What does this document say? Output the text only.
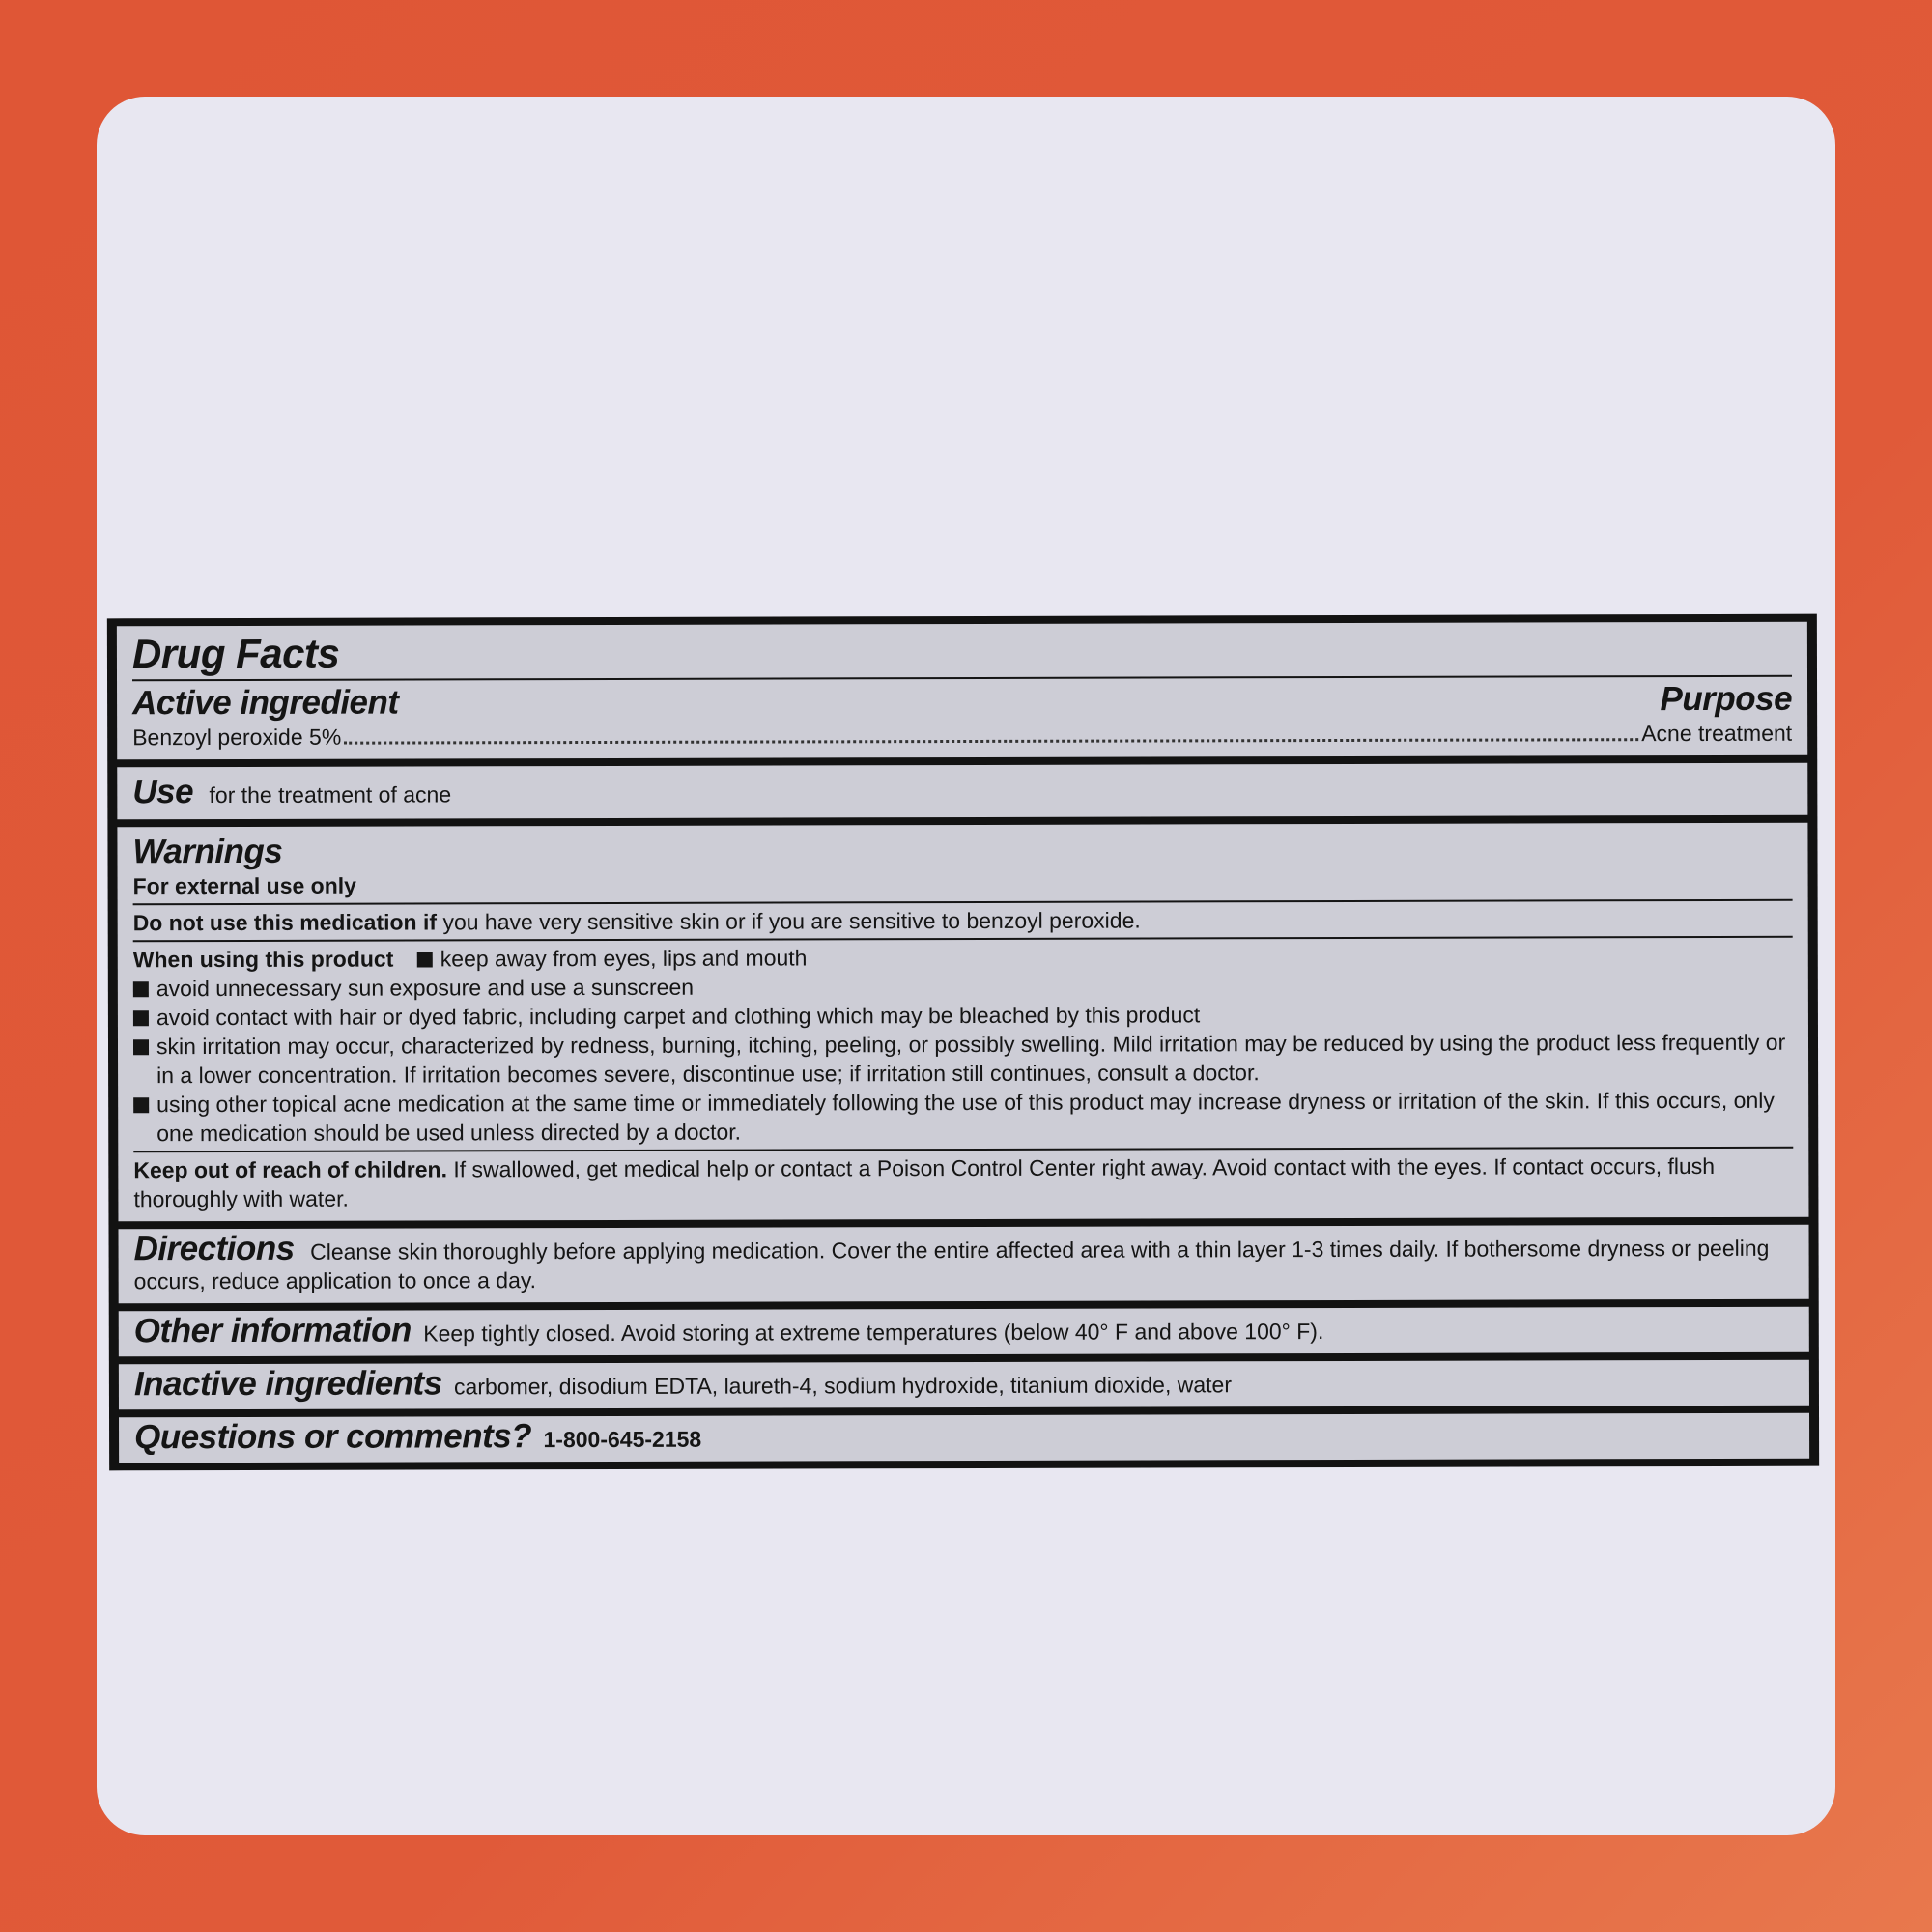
Drug Facts
Active ingredient	Purpose
Benzoyl peroxide 5%	Acne treatment
Use for the treatment of acne
Warnings
For external use only
Do not use this medication if you have very sensitive skin or if you are sensitive to benzoyl peroxide.
When using this product keep away from eyes, lips and mouth
avoid unnecessary sun exposure and use a sunscreen
avoid contact with hair or dyed fabric, including carpet and clothing which may be bleached by this product
skin irritation may occur, characterized by redness, burning, itching, peeling, or possibly swelling. Mild irritation may be reduced by using the product less frequently or in a lower concentration. If irritation becomes severe, discontinue use; if irritation still continues, consult a doctor.
using other topical acne medication at the same time or immediately following the use of this product may increase dryness or irritation of the skin. If this occurs, only one medication should be used unless directed by a doctor.
Keep out of reach of children. If swallowed, get medical help or contact a Poison Control Center right away. Avoid contact with the eyes. If contact occurs, flush thoroughly with water.
Directions Cleanse skin thoroughly before applying medication. Cover the entire affected area with a thin layer 1-3 times daily. If bothersome dryness or peeling occurs, reduce application to once a day.
Other information Keep tightly closed. Avoid storing at extreme temperatures (below 40° F and above 100° F).
Inactive ingredients carbomer, disodium EDTA, laureth-4, sodium hydroxide, titanium dioxide, water
Questions or comments? 1-800-645-2158
